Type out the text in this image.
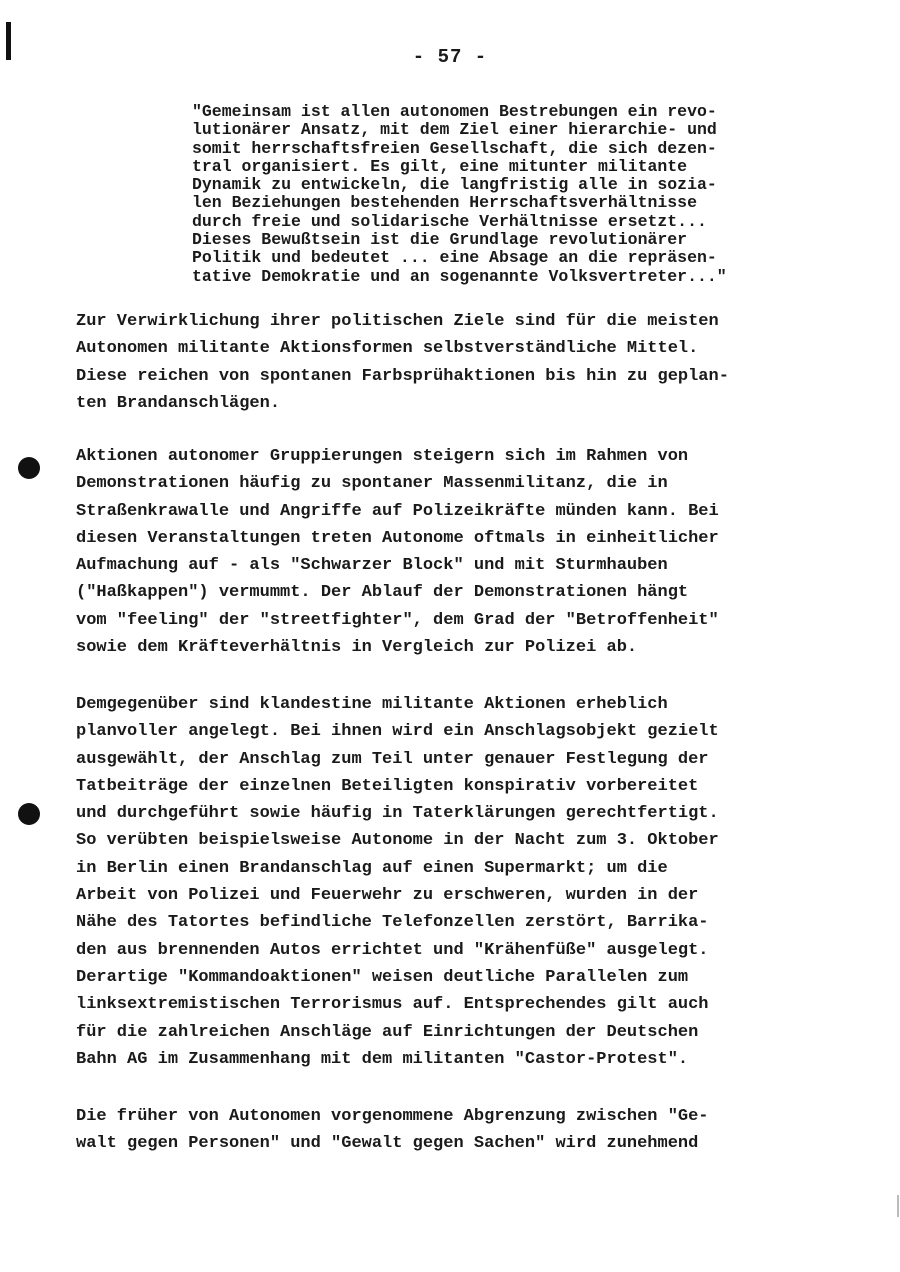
- 57 -
"Gemeinsam ist allen autonomen Bestrebungen ein revo-
lutionärer Ansatz, mit dem Ziel einer hierarchie- und
somit herrschaftsfreien Gesellschaft, die sich dezen-
tral organisiert. Es gilt, eine mitunter militante
Dynamik zu entwickeln, die langfristig alle in sozia-
len Beziehungen bestehenden Herrschaftsverhältnisse
durch freie und solidarische Verhältnisse ersetzt...
Dieses Bewußtsein ist die Grundlage revolutionärer
Politik und bedeutet ... eine Absage an die repräsen-
tative Demokratie und an sogenannte Volksvertreter..."
Zur Verwirklichung ihrer politischen Ziele sind für die meisten
Autonomen militante Aktionsformen selbstverständliche Mittel.
Diese reichen von spontanen Farbsprühaktionen bis hin zu geplan-
ten Brandanschlägen.
Aktionen autonomer Gruppierungen steigern sich im Rahmen von
Demonstrationen häufig zu spontaner Massenmilitanz, die in
Straßenkrawalle und Angriffe auf Polizeikräfte münden kann. Bei
diesen Veranstaltungen treten Autonome oftmals in einheitlicher
Aufmachung auf - als "Schwarzer Block" und mit Sturmhauben
("Haßkappen") vermummt. Der Ablauf der Demonstrationen hängt
vom "feeling" der "streetfighter", dem Grad der "Betroffenheit"
sowie dem Kräfteverhältnis in Vergleich zur Polizei ab.
Demgegenüber sind klandestine militante Aktionen erheblich
planvoller angelegt. Bei ihnen wird ein Anschlagsobjekt gezielt
ausgewählt, der Anschlag zum Teil unter genauer Festlegung der
Tatbeiträge der einzelnen Beteiligten konspirativ vorbereitet
und durchgeführt sowie häufig in Taterklärungen gerechtfertigt.
So verübten beispielsweise Autonome in der Nacht zum 3. Oktober
in Berlin einen Brandanschlag auf einen Supermarkt; um die
Arbeit von Polizei und Feuerwehr zu erschweren, wurden in der
Nähe des Tatortes befindliche Telefonzellen zerstört, Barrika-
den aus brennenden Autos errichtet und "Krähenfüße" ausgelegt.
Derartige "Kommandoaktionen" weisen deutliche Parallelen zum
linksextremistischen Terrorismus auf. Entsprechendes gilt auch
für die zahlreichen Anschläge auf Einrichtungen der Deutschen
Bahn AG im Zusammenhang mit dem militanten "Castor-Protest".
Die früher von Autonomen vorgenommene Abgrenzung zwischen "Ge-
walt gegen Personen" und "Gewalt gegen Sachen" wird zunehmend
